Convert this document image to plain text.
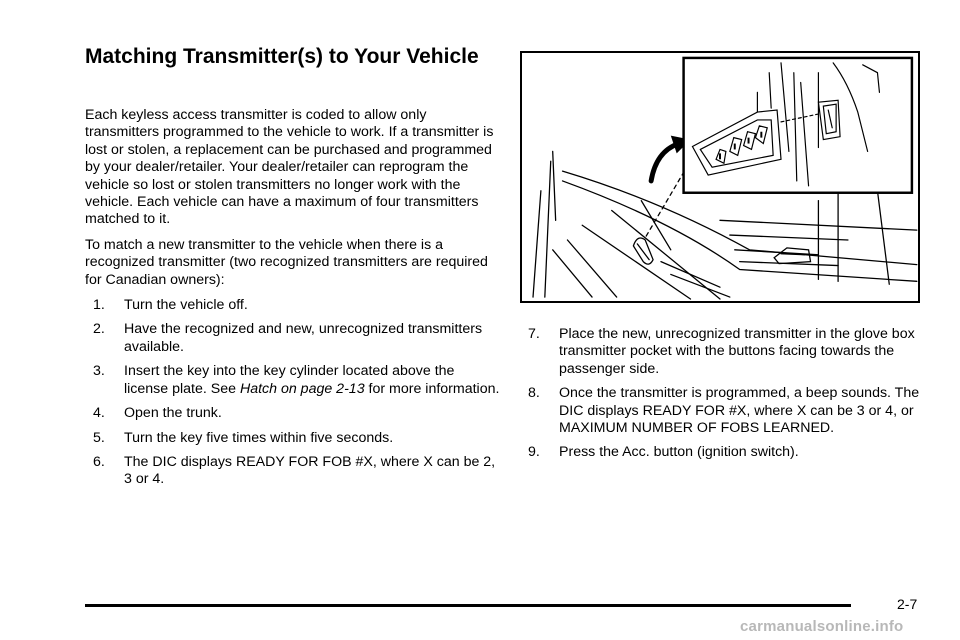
Matching Transmitter(s) to Your Vehicle

Each keyless access transmitter is coded to allow only transmitters programmed to the vehicle to work. If a transmitter is lost or stolen, a replacement can be purchased and programmed by your dealer/retailer. Your dealer/retailer can reprogram the vehicle so lost or stolen transmitters no longer work with the vehicle. Each vehicle can have a maximum of four transmitters matched to it.

To match a new transmitter to the vehicle when there is a recognized transmitter (two recognized transmitters are required for Canadian owners):

1. Turn the vehicle off.
2. Have the recognized and new, unrecognized transmitters available.
3. Insert the key into the key cylinder located above the license plate. See Hatch on page 2-13 for more information.
4. Open the trunk.
5. Turn the key five times within five seconds.
6. The DIC displays READY FOR FOB #X, where X can be 2, 3 or 4.
7. Place the new, unrecognized transmitter in the glove box transmitter pocket with the buttons facing towards the passenger side.
8. Once the transmitter is programmed, a beep sounds. The DIC displays READY FOR #X, where X can be 3 or 4, or MAXIMUM NUMBER OF FOBS LEARNED.
9. Press the Acc. button (ignition switch).
2-7
carmanualsonline.info
